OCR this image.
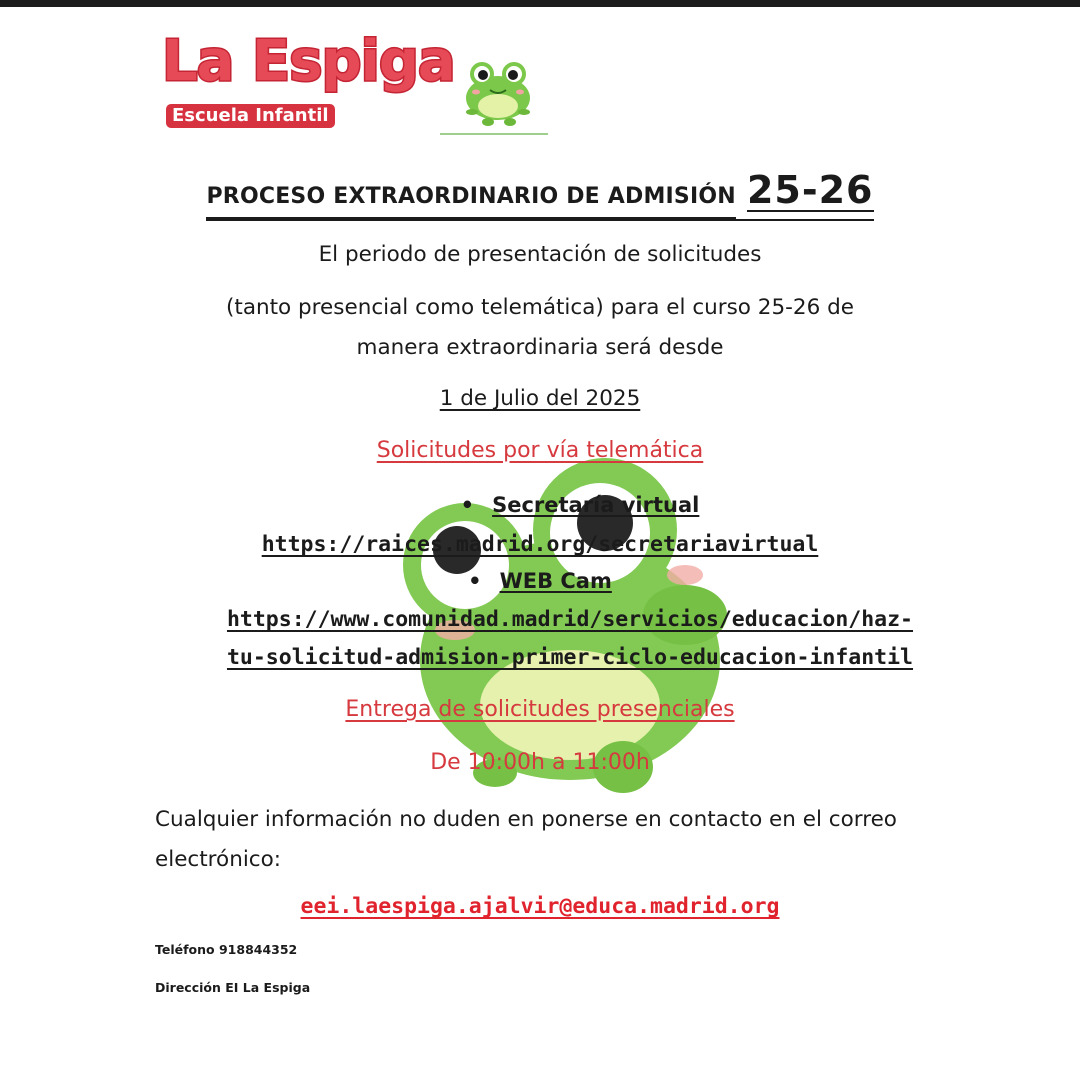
La Espiga
Escuela Infantil
PROCESO EXTRAORDINARIO DE ADMISIÓN 25-26
El periodo de presentación de solicitudes
(tanto presencial como telemática) para el curso 25-26 de
manera extraordinaria será desde
1 de Julio del 2025
Solicitudes por vía telemática
• Secretaría virtual
https://raices.madrid.org/secretariavirtual
• WEB Cam
https://www.comunidad.madrid/servicios/educacion/haz-
tu-solicitud-admision-primer-ciclo-educacion-infantil
Entrega de solicitudes presenciales
De 10:00h a 11:00h
Cualquier información no duden en ponerse en contacto en el correo electrónico:
eei.laespiga.ajalvir@educa.madrid.org
Teléfono 918844352
Dirección EI La Espiga
